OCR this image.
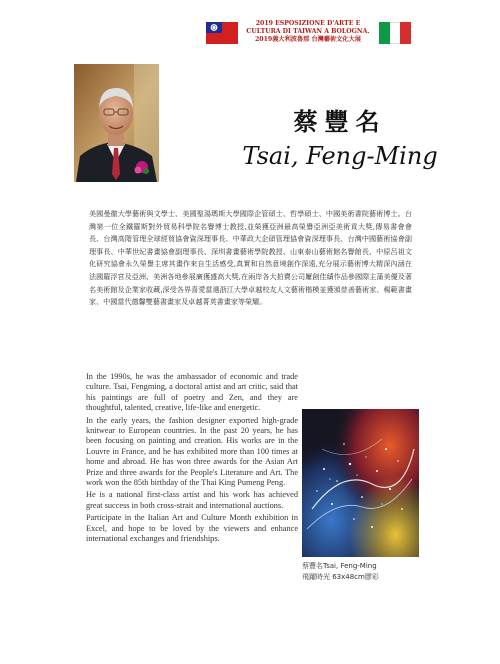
2019 ESPOSIZIONE D'ARTE E
CULTURA DI TAIWAN A BOLOGNA.
2019義大利波魯那 台灣藝術文化大展
蔡豐名
Tsai, Feng-Ming

美國曼徹大學藝術與文學士、美國聖湯瑪斯大學國際企管碩士、哲學碩士、中國美術書院藝術博士。台灣第一位全鐵羅斯對外貿易科學院名譽博士教授,並榮獲亞洲最高榮譽亞洲亞美術貢大獎,傳易書會會長、台灣高階管理全球經貿協會資深理事長、中華政大企碩管理協會資深理事長、台灣中國藝術協會副理事長、中華世紀書畫協會副理事長、深圳書畫藝術學院教授、山東泰山藝術館名譽館長、中原呂祖文化研究協會永久榮譽主席其畫作來自生活感受,真實和自然意境創作深遠,充分展示藝術博大精深內涵在法國羅浮宮及亞洲、美洲各地參展廣獲盛高大獎,在兩岸各大拍賣公司屢創佳績作品參國際主蒲美優及著名美術館及企業家收藏,深受各界喜愛當選浙江大學卓越校友人文藝術楷模並獲頒慈善藝術家、楊範書畫家、中國當代德馨雙藝書畫家及卓越菁英書畫家等榮耀。

In the 1990s, he was the ambassador of economic and trade culture. Tsai, Fengming, a doctoral artist and art critic, said that his paintings are full of poetry and Zen, and they are thoughtful, talented, creative, life-like and energetic.

In the early years, the fashion designer exported high-grade knitwear to European countries. In the past 20 years, he has been focusing on painting and creation. His works are in the Louvre in France, and he has exhibited more than 100 times at home and abroad. He has won three awards for the Asian Art Prize and three awards for the People's Literature and Art. The work won the 85th birthday of the Thai King Pumeng Peng.

He is a national first-class artist and his work has achieved great success in both cross-strait and international auctions.

Participate in the Italian Art and Culture Month exhibition in Excel, and hope to be loved by the viewers and enhance international exchanges and friendships.

蔡豐名Tsai, Feng-Ming
飛躍時光 63x48cm膠彩
